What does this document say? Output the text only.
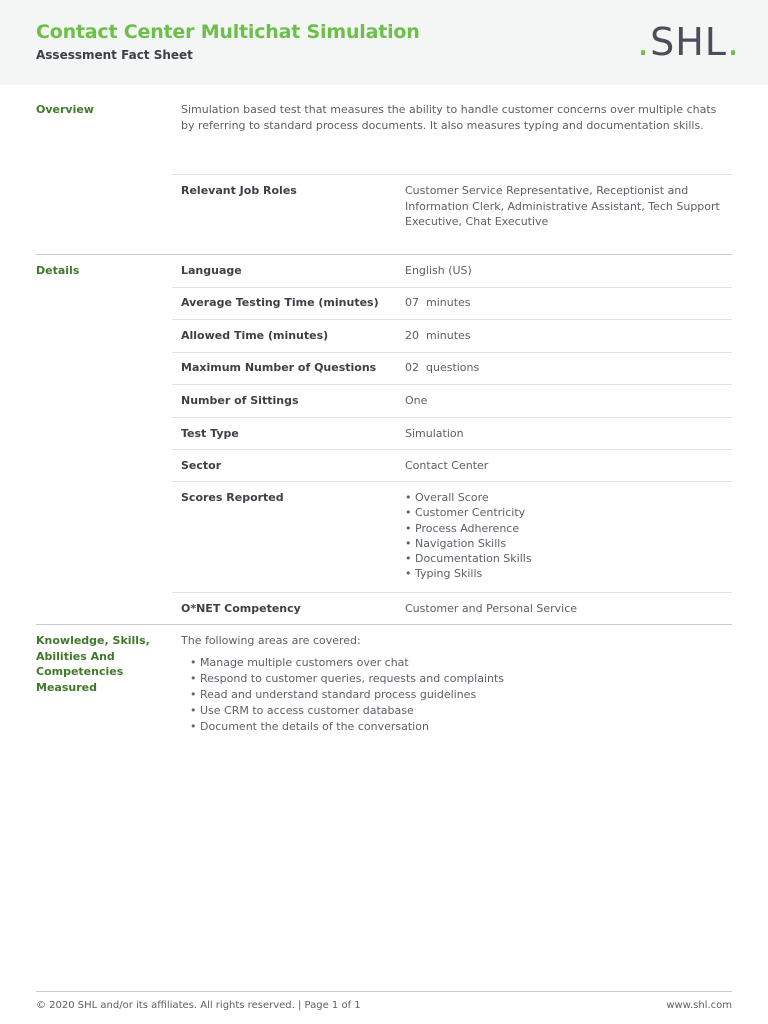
Contact Center Multichat Simulation
Assessment Fact Sheet	.SHL.
Overview	Simulation based test that measures the ability to handle customer concerns over multiple chats by referring to standard process documents. It also measures typing and documentation skills.
Relevant Job Roles	Customer Service Representative, Receptionist and Information Clerk, Administrative Assistant, Tech Support Executive, Chat Executive
Details	Language	English (US)
Average Testing Time (minutes) 07  minutes
Allowed Time (minutes)	20  minutes
Maximum Number of Questions	02  questions
Number of Sittings	One
Test Type	Simulation
Sector	Contact Center
Scores Reported
•	Overall Score
• Customer Centricity
• Process Adherence
• Navigation Skills
• Documentation Skills
• Typing Skills
O*NET Competency	Customer and Personal Service
Knowledge, Skills, Abilities And Competencies Measured
The following areas are covered:
• Manage multiple customers over chat
• Respond to customer queries, requests and complaints
• Read and understand standard process guidelines
• Use CRM to access customer database
• Document the details of the conversation
© 2020 SHL and/or its affiliates. All rights reserved. | Page 1 of 1	www.shl.com
